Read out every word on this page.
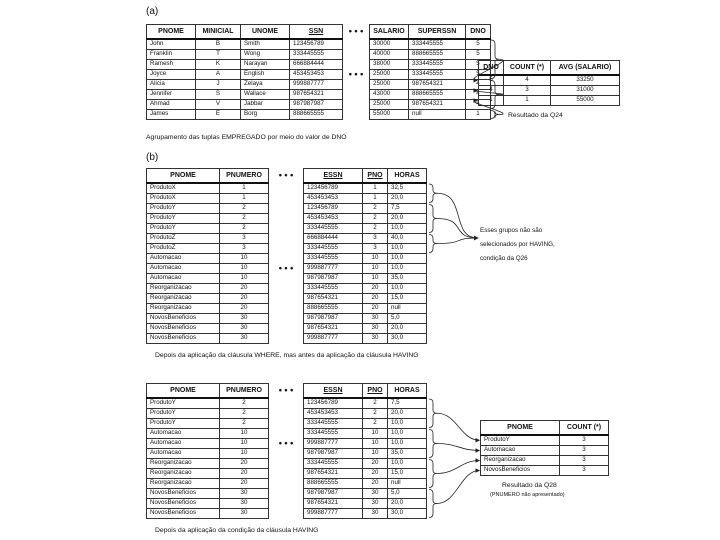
(a)
PNOME	MINICIAL	UNOME	SSN	• • •	SALARIO	SUPERSSN	DNO
John	B	Smith	123456789		30000	333445555	5
Franklin	T	Wong	333445555		40000	888665555	5
Ramesh	K	Narayan	666884444		38000	333445555	5
Joyce	A	English	453453453	• • •	25000	333445555	5
Alicia	J	Zelaya	999887777		25000	987654321	4
Jennifer	S	Wallace	987654321		43000	888665555	4
Ahmad	V	Jabbar	987987987		25000	987654321	4
James	E	Borg	888665555		55000	null	1
Agrupamento das tuplas EMPREGADO por meio do valor de DNO
DNO	COUNT (*)	AVG (SALARIO)
5	4	33250
4	3	31000
1	1	55000
Resultado da Q24
(b)
PNOME	PNUMERO	• • •	ESSN	PNO	HORAS
ProdutoX	1		123456789	1	32,5
ProdutoX	1		453453453	1	20,0
ProdutoY	2		123456789	2	7,5
ProdutoY	2		453453453	2	20,0
ProdutoY	2		333445555	2	10,0
ProdutoZ	3		666884444	3	40,0
ProdutoZ	3		333445555	3	10,0
Automacao	10		333445555	10	10,0
Automacao	10	• • •	999887777	10	10,0
Automacao	10		987987987	10	35,0
Reorganizacao	20		333445555	20	10,0
Reorganizacao	20		987654321	20	15,0
Reorganizacao	20		888665555	20	null
NovosBeneficios	30		987987987	30	5,0
NovosBeneficios	30		987654321	30	20,0
NovosBeneficios	30		999887777	30	30,0
Esses grupos não são
selecionados por HAVING,
condição da Q26
Depois da aplicação da cláusula WHERE, mas antes da aplicação da cláusula HAVING
PNOME	PNUMERO	• • •	ESSN	PNO	HORAS
ProdutoY	2		123456789	2	7,5
ProdutoY	2		453453453	2	20,0
ProdutoY	2		333445555	2	10,0
Automacao	10		333445555	10	10,0
Automacao	10	• • •	999887777	10	10,0
Automacao	10		987987987	10	35,0
Reorganizacao	20		333445555	20	10,0
Reorganizacao	20		987654321	20	15,0
Reorganizacao	20		888665555	20	null
NovosBeneficios	30		987987987	30	5,0
NovosBeneficios	30		987654321	30	20,0
NovosBeneficios	30		999887777	30	30,0
Depois da aplicação da condição da cláusula HAVING
PNOME	COUNT (*)
ProdutoY	3
Automacao	3
Reorganizacao	3
NovosBeneficios	3
Resultado da Q28
(PNUMERO não apresentado)
